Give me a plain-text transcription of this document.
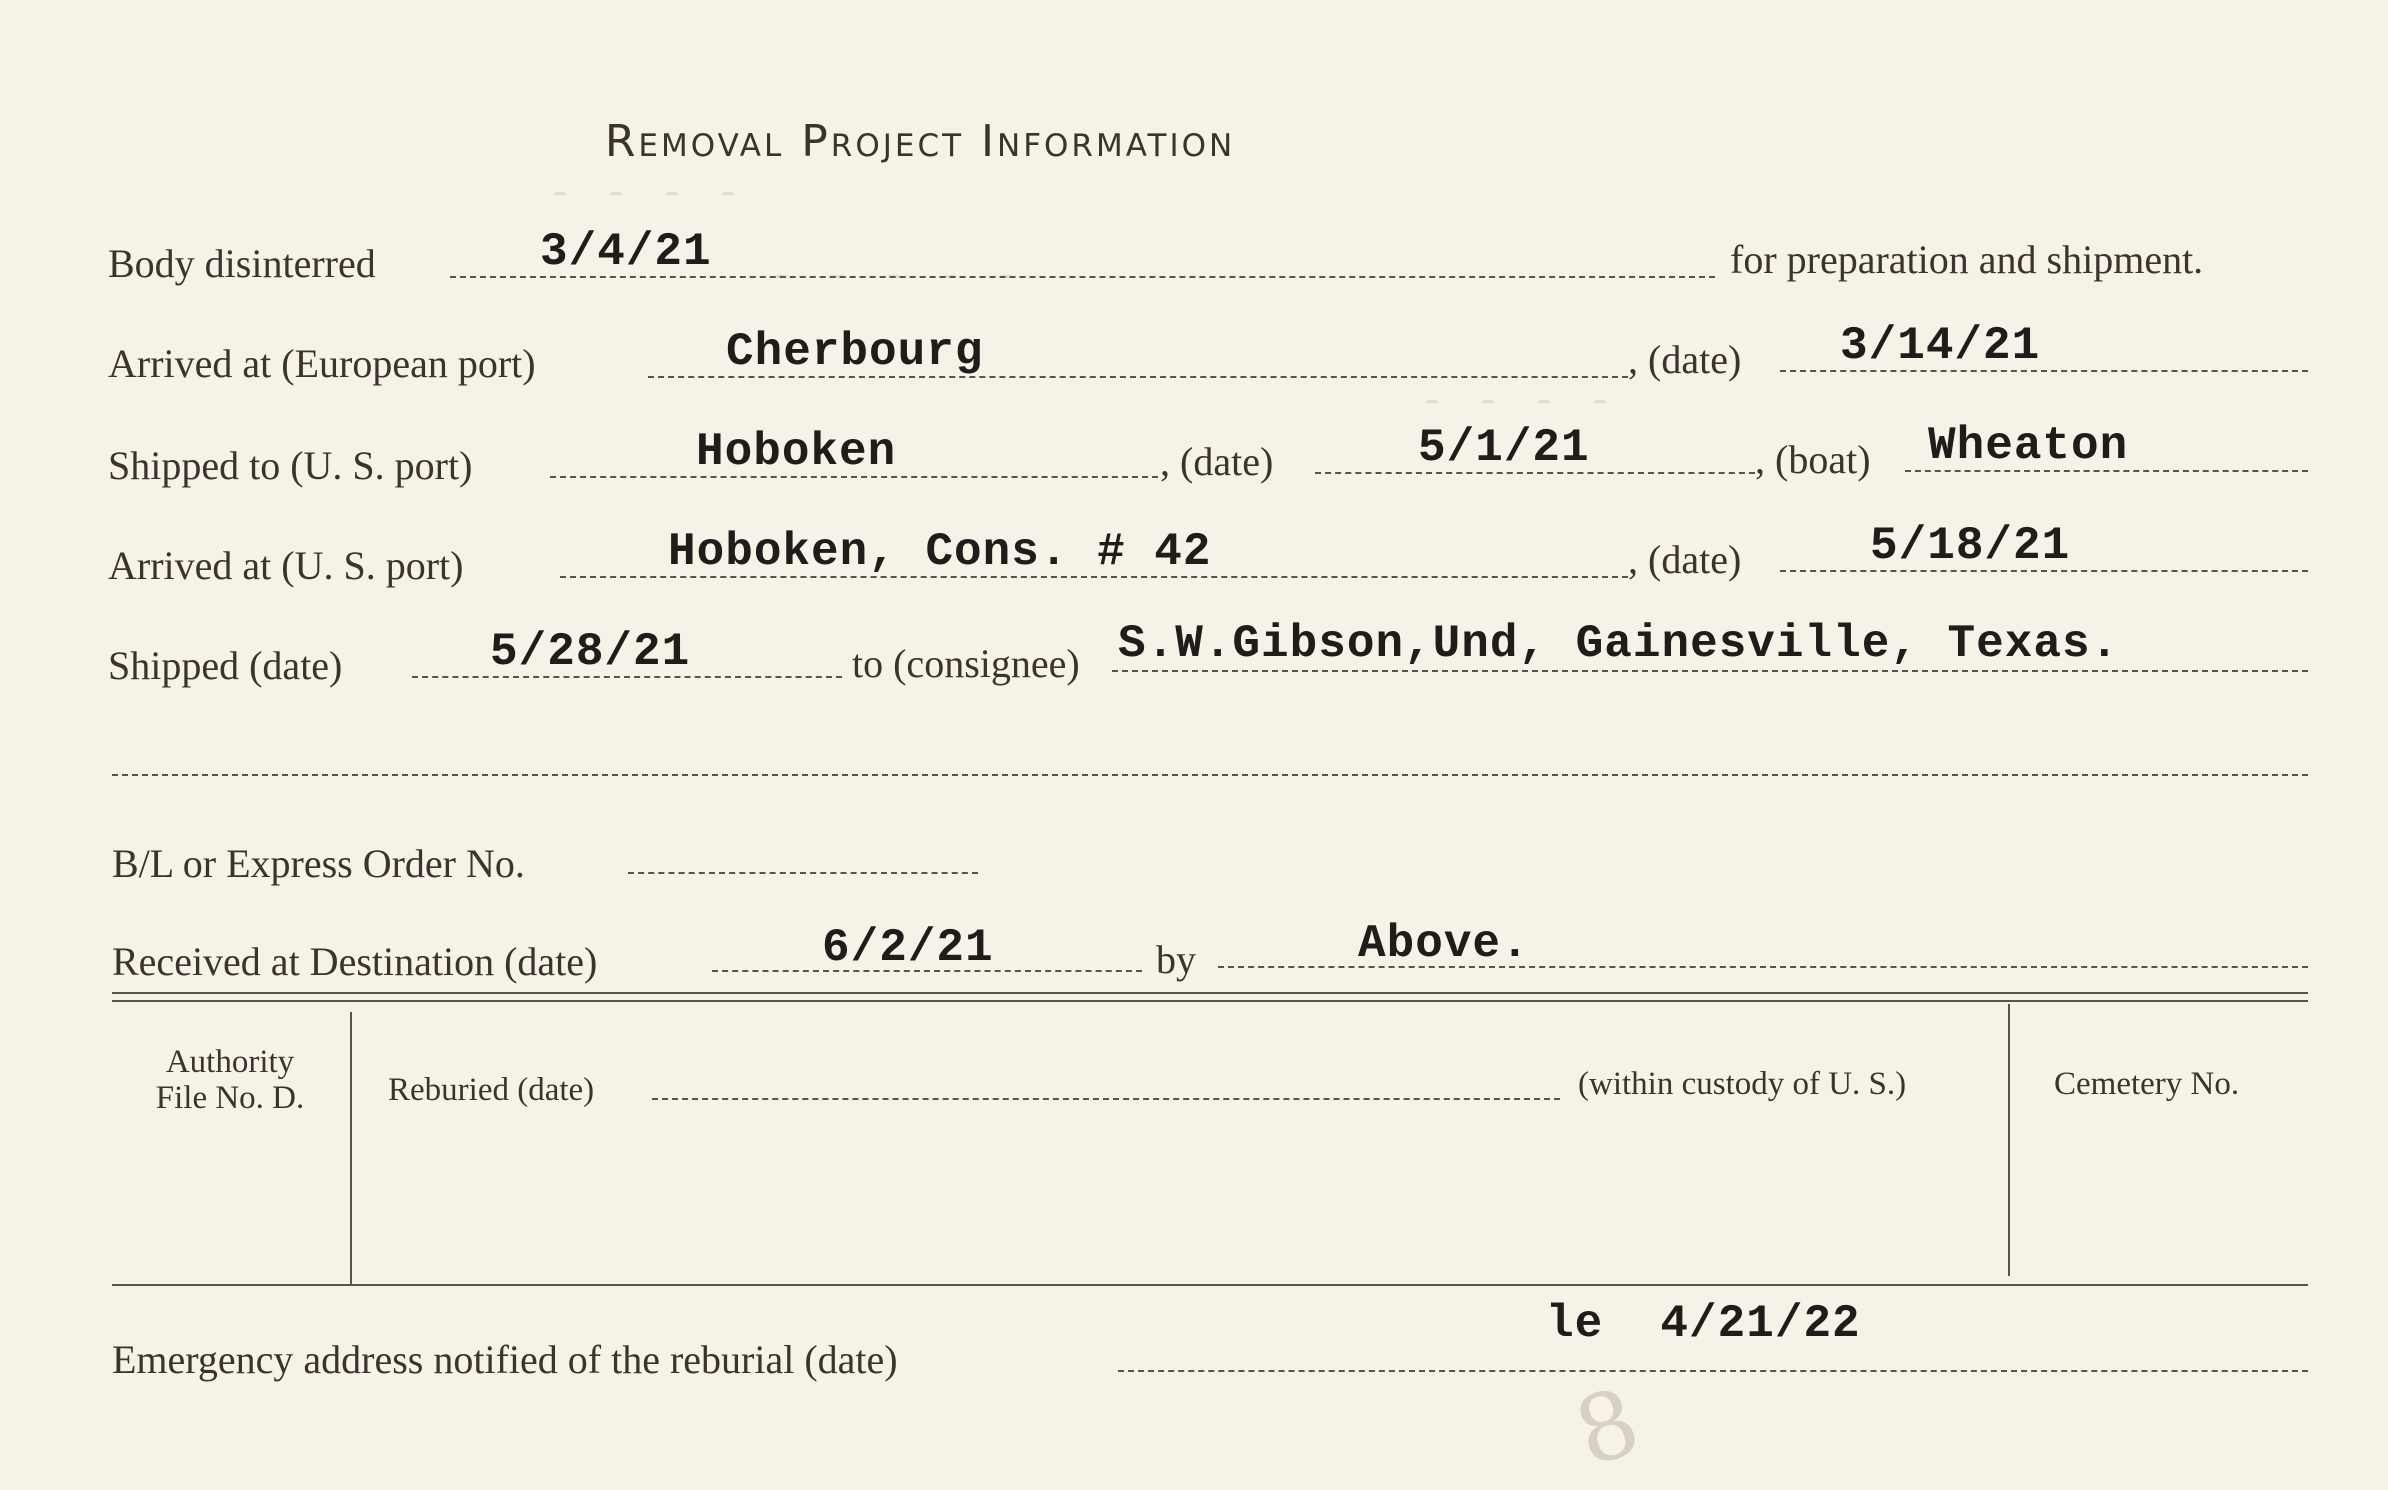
Removal Project Information
- - - -
- - - - -
- - - -
Body disinterred	3/4/21	for preparation and shipment.
Arrived at (European port)	Cherbourg	, (date) 3/14/21
Shipped to (U. S. port)	Hoboken	, (date)	5/1/21	, (boat) Wheaton
Arrived at (U. S. port)	Hoboken, Cons. # 42	, (date)	5/18/21
Shipped (date)	5/28/21	to (consignee) S.W.Gibson,Und, Gainesville, Texas.
B/L or Express Order No.
Received at Destination (date)	6/2/21	by	Above.
Authority
File No. D.	Reburied (date)	(within custody of U. S.)	Cemetery No.
Emergency address notified of the reburial (date)
le  4/21/22
8
